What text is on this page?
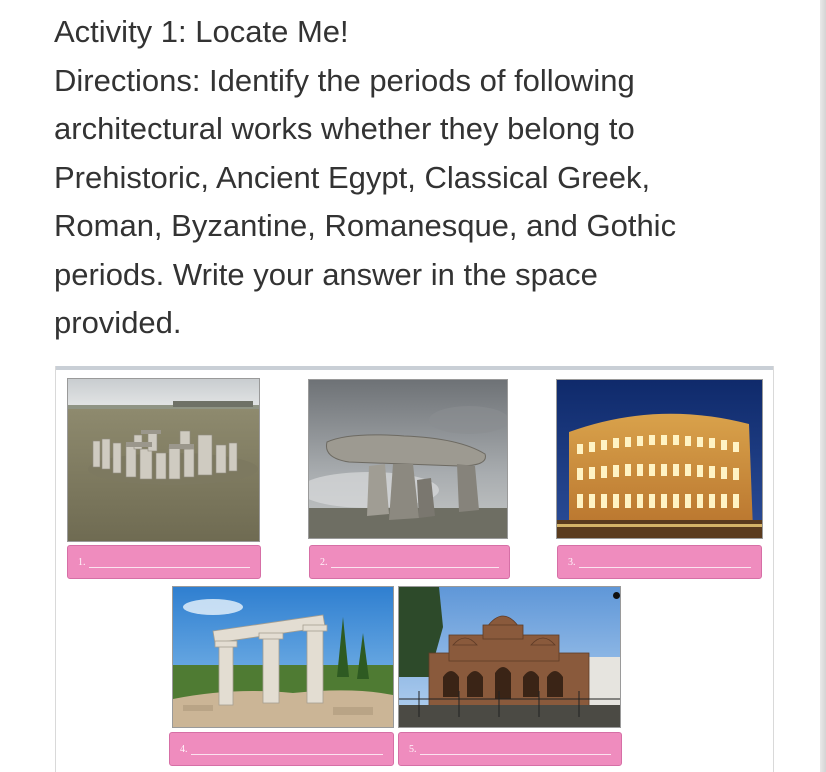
Activity 1: Locate Me!
Directions: Identify the periods of following
architectural works whether they belong to
Prehistoric, Ancient Egypt, Classical Greek,
Roman, Byzantine, Romanesque, and Gothic
periods. Write your answer in the space
provided.
1.	2.	3.
4.	5.
